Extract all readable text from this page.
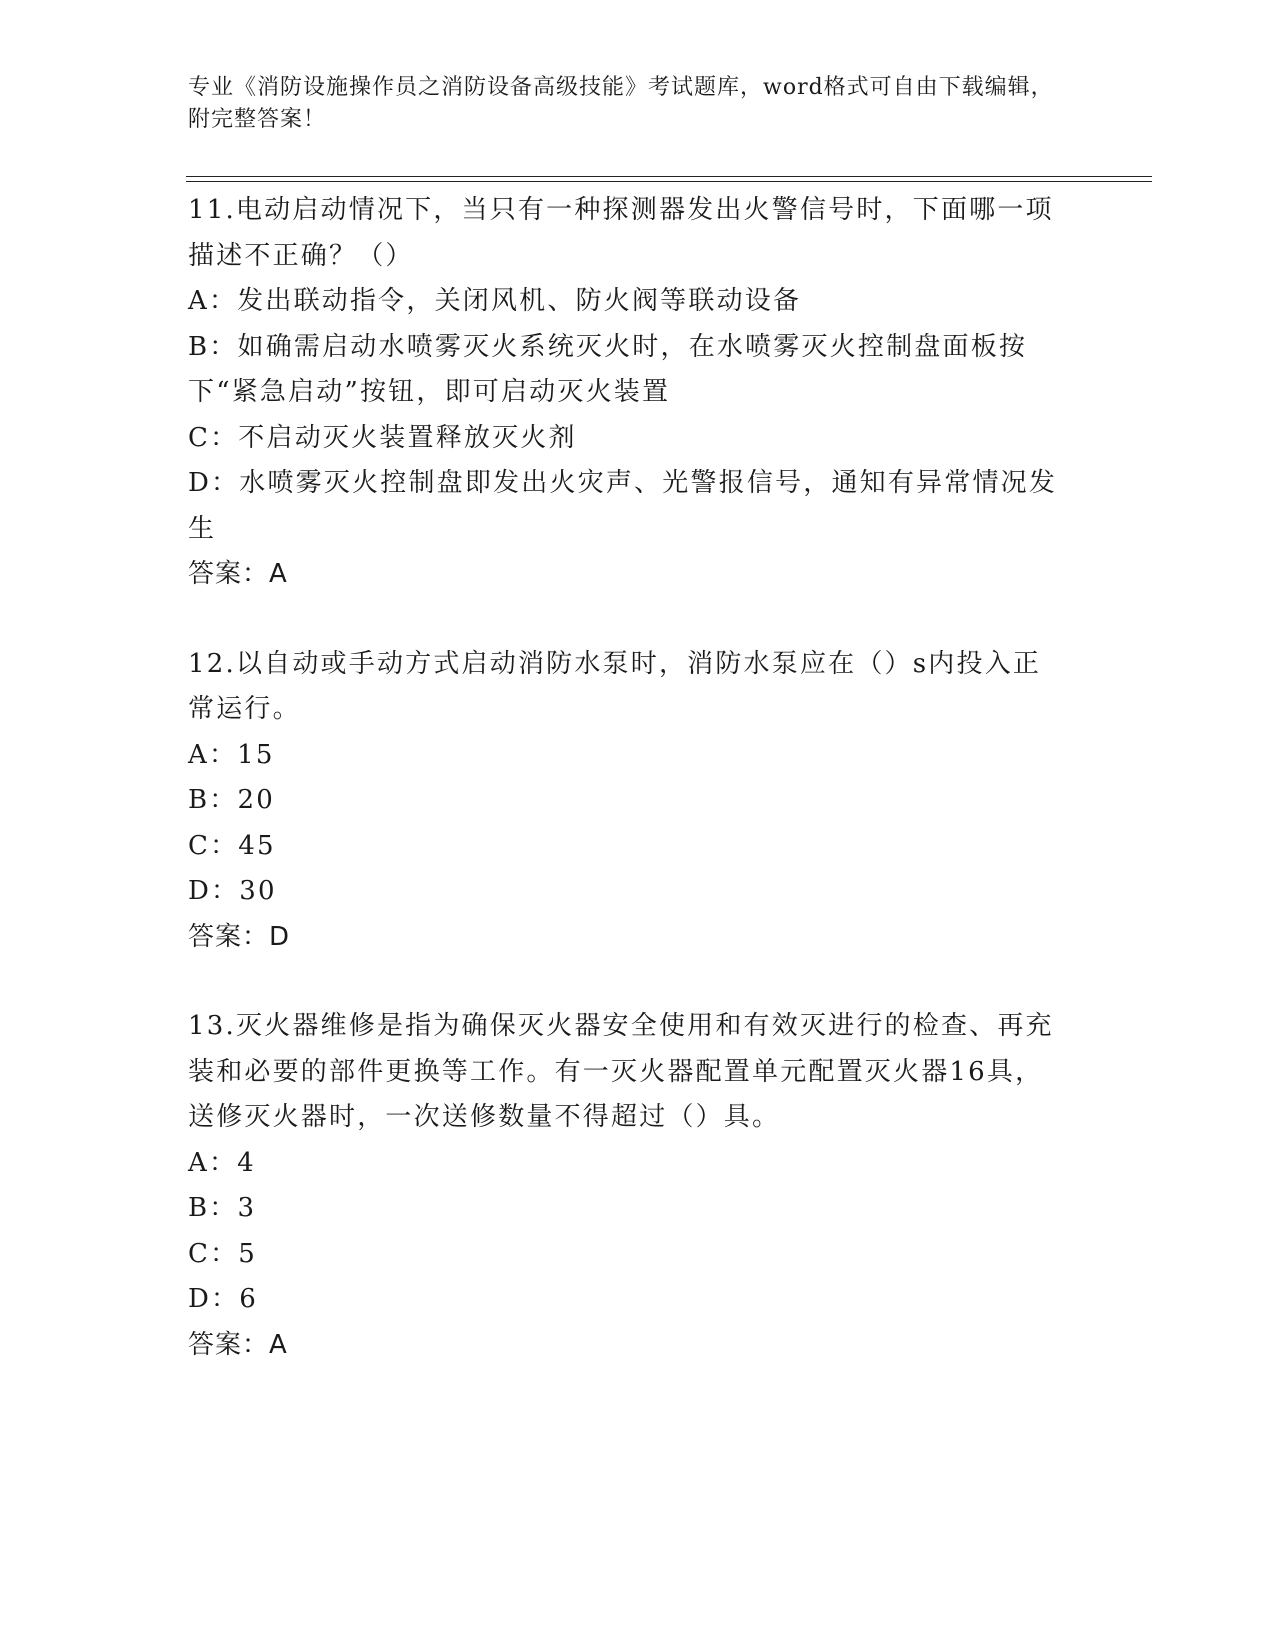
专业《消防设施操作员之消防设备高级技能》考试题库，word格式可自由下载编辑，附完整答案！
11.电动启动情况下，当只有一种探测器发出火警信号时，下面哪一项描述不正确？（）
A：发出联动指令，关闭风机、防火阀等联动设备
B：如确需启动水喷雾灭火系统灭火时，在水喷雾灭火控制盘面板按下“紧急启动”按钮，即可启动灭火装置
C：不启动灭火装置释放灭火剂
D：水喷雾灭火控制盘即发出火灾声、光警报信号，通知有异常情况发生
答案：A
12.以自动或手动方式启动消防水泵时，消防水泵应在（）s内投入正常运行。
A：15
B：20
C：45
D：30
答案：D
13.灭火器维修是指为确保灭火器安全使用和有效灭进行的检查、再充装和必要的部件更换等工作。有一灭火器配置单元配置灭火器16具，送修灭火器时，一次送修数量不得超过（）具。
A：4
B：3
C：5
D：6
答案：A
